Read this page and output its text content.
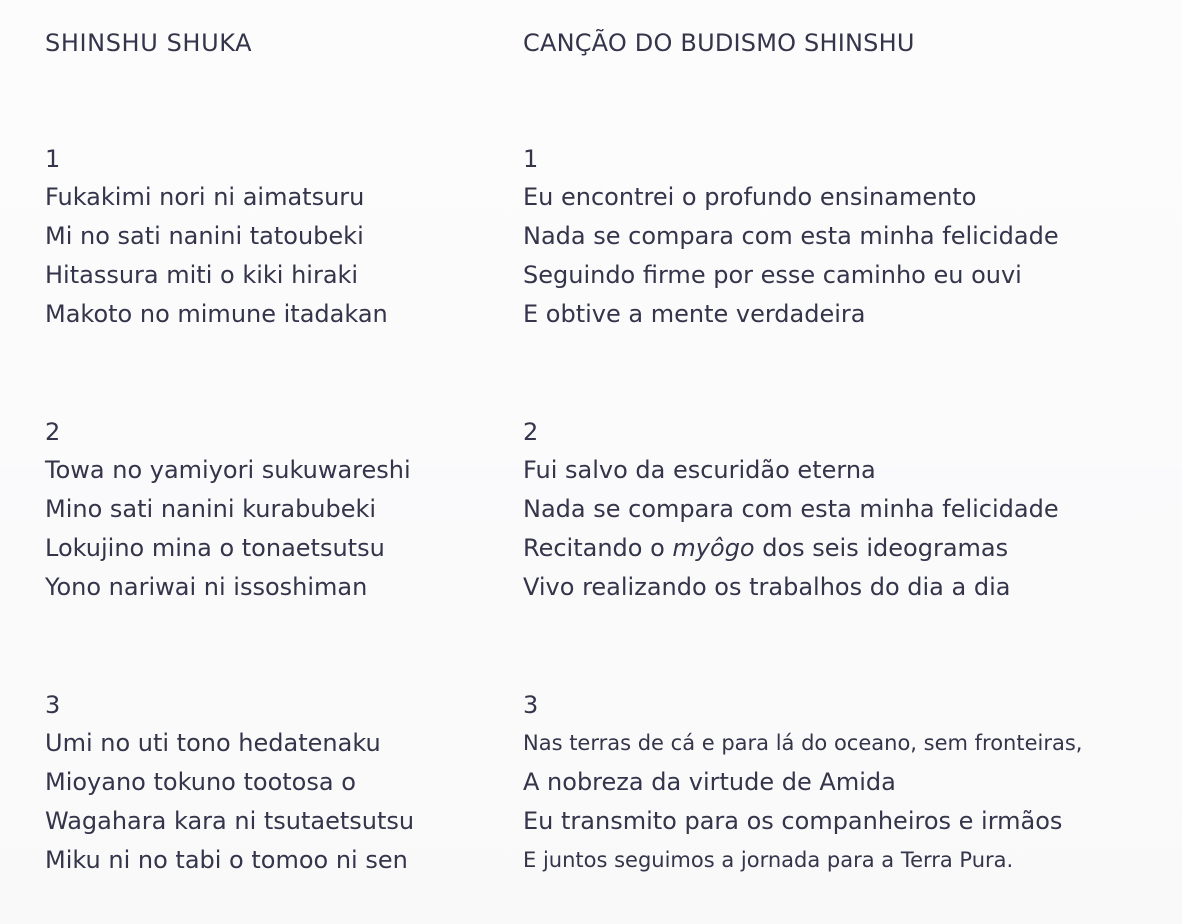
SHINSHU SHUKA
1
Fukakimi nori ni aimatsuru
Mi no sati nanini tatoubeki
Hitassura miti o kiki hiraki
Makoto no mimune itadakan
2
Towa no yamiyori sukuwareshi
Mino sati nanini kurabubeki
Lokujino mina o tonaetsutsu
Yono nariwai ni issoshiman
3
Umi no uti tono hedatenaku
Mioyano tokuno tootosa o
Wagahara kara ni tsutaetsutsu
Miku ni no tabi o tomoo ni sen
CANÇÃO DO BUDISMO SHINSHU
1
Eu encontrei o profundo ensinamento
Nada se compara com esta minha felicidade
Seguindo firme por esse caminho eu ouvi
E obtive a mente verdadeira
2
Fui salvo da escuridão eterna
Nada se compara com esta minha felicidade
Recitando o myôgo dos seis ideogramas
Vivo realizando os trabalhos do dia a dia
3
Nas terras de cá e para lá do oceano, sem fronteiras,
A nobreza da virtude de Amida
Eu transmito para os companheiros e irmãos
E juntos seguimos a jornada para a Terra Pura.
